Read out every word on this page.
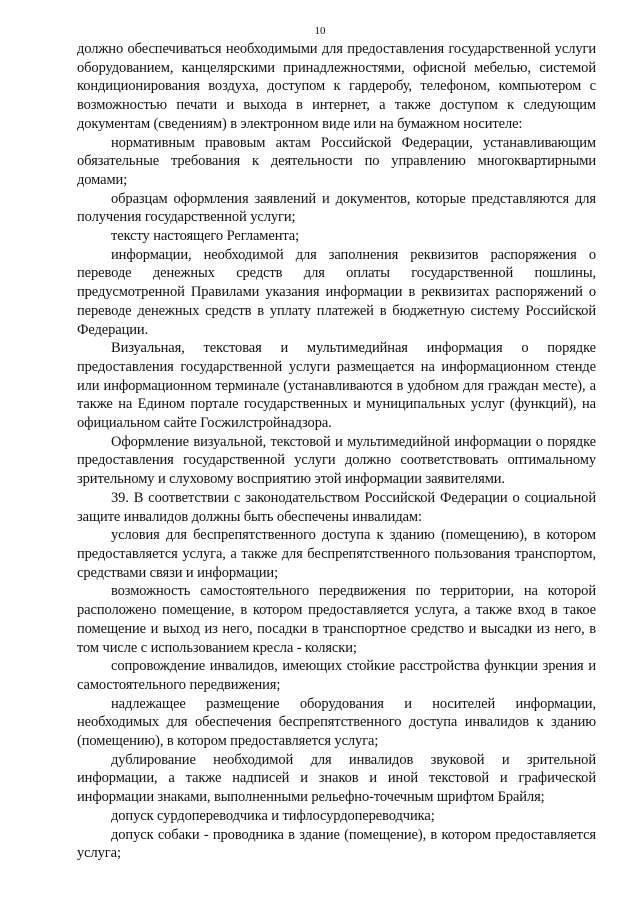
10

должно обеспечиваться необходимыми для предоставления государственной услуги оборудованием, канцелярскими принадлежностями, офисной мебелью, системой кондиционирования воздуха, доступом к гардеробу, телефоном, компьютером с возможностью печати и выхода в интернет, а также доступом к следующим документам (сведениям) в электронном виде или на бумажном носителе:

нормативным правовым актам Российской Федерации, устанавливающим обязательные требования к деятельности по управлению многоквартирными домами;

образцам оформления заявлений и документов, которые представляются для получения государственной услуги;

тексту настоящего Регламента;

информации, необходимой для заполнения реквизитов распоряжения о переводе денежных средств для оплаты государственной пошлины, предусмотренной Правилами указания информации в реквизитах распоряжений о переводе денежных средств в уплату платежей в бюджетную систему Российской Федерации.

Визуальная, текстовая и мультимедийная информация о порядке предоставления государственной услуги размещается на информационном стенде или информационном терминале (устанавливаются в удобном для граждан месте), а также на Едином портале государственных и муниципальных услуг (функций), на официальном сайте Госжилстройнадзора.

Оформление визуальной, текстовой и мультимедийной информации о порядке предоставления государственной услуги должно соответствовать оптимальному зрительному и слуховому восприятию этой информации заявителями.

39. В соответствии с законодательством Российской Федерации о социальной защите инвалидов должны быть обеспечены инвалидам:

условия для беспрепятственного доступа к зданию (помещению), в котором предоставляется услуга, а также для беспрепятственного пользования транспортом, средствами связи и информации;

возможность самостоятельного передвижения по территории, на которой расположено помещение, в котором предоставляется услуга, а также вход в такое помещение и выход из него, посадки в транспортное средство и высадки из него, в том числе с использованием кресла - коляски;

сопровождение инвалидов, имеющих стойкие расстройства функции зрения и самостоятельного передвижения;

надлежащее размещение оборудования и носителей информации, необходимых для обеспечения беспрепятственного доступа инвалидов к зданию (помещению), в котором предоставляется услуга;

дублирование необходимой для инвалидов звуковой и зрительной информации, а также надписей и знаков и иной текстовой и графической информации знаками, выполненными рельефно-точечным шрифтом Брайля;

допуск сурдопереводчика и тифлосурдопереводчика;

допуск собаки - проводника в здание (помещение), в котором предоставляется услуга;
